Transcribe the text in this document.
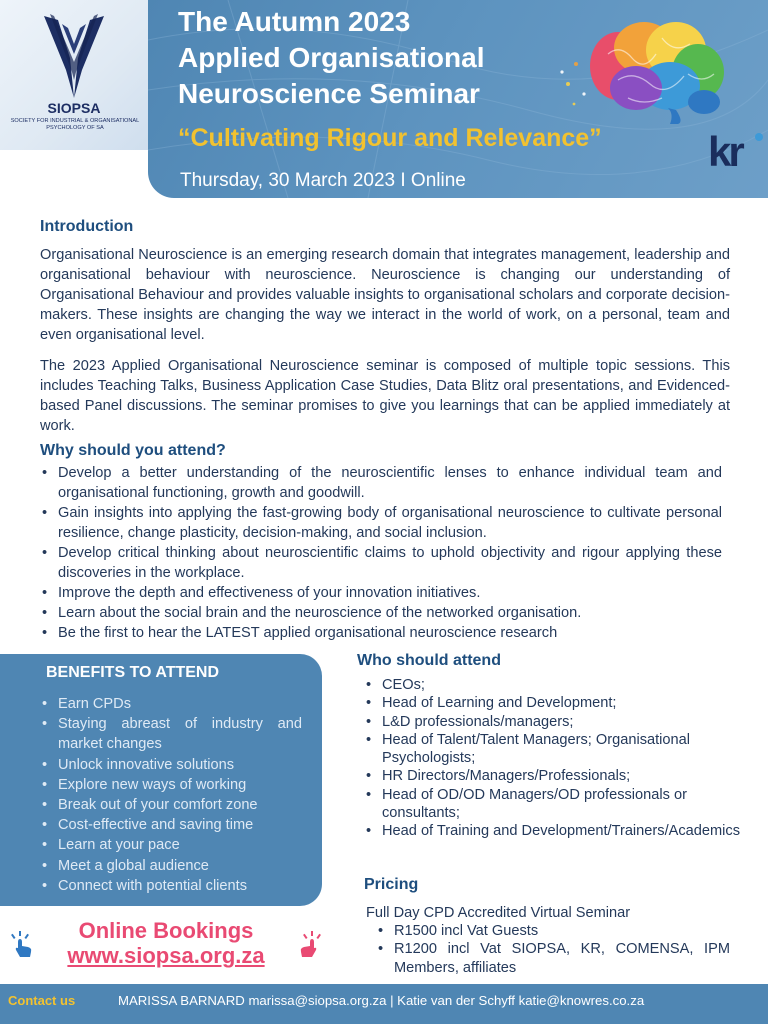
SIOPSA
SOCIETY FOR INDUSTRIAL & ORGANISATIONAL PSYCHOLOGY OF SA
The Autumn 2023
Applied Organisational
Neuroscience Seminar
“Cultivating Rigour and Relevance”	kr
Thursday, 30 March 2023 I Online
Introduction

Organisational Neuroscience is an emerging research domain that integrates management, leadership and organisational behaviour with neuroscience. Neuroscience is changing our understanding of Organisational Behaviour and provides valuable insights to organisational scholars and corporate decision-makers. These insights are changing the way we interact in the world of work, on a personal, team and even organisational level.

The 2023 Applied Organisational Neuroscience seminar is composed of multiple topic sessions. This includes Teaching Talks, Business Application Case Studies, Data Blitz oral presentations, and Evidenced-based Panel discussions. The seminar promises to give you learnings that can be applied immediately at work.

Why should you attend?
• Develop a better understanding of the neuroscientific lenses to enhance individual team and organisational functioning, growth and goodwill.
• Gain insights into applying the fast-growing body of organisational neuroscience to cultivate personal resilience, change plasticity, decision-making, and social inclusion.
• Develop critical thinking about neuroscientific claims to uphold objectivity and rigour applying these discoveries in the workplace.
• Improve the depth and effectiveness of your innovation initiatives.
• Learn about the social brain and the neuroscience of the networked organisation.
• Be the first to hear the LATEST applied organisational neuroscience research
BENEFITS TO ATTEND
• Earn CPDs
• Staying abreast of industry and market changes
• Unlock innovative solutions
• Explore new ways of working
• Break out of your comfort zone
• Cost-effective and saving time
• Learn at your pace
• Meet a global audience
• Connect with potential clients
Who should attend
• CEOs;
• Head of Learning and Development;
• L&D professionals/managers;
• Head of Talent/Talent Managers; Organisational Psychologists;
• HR Directors/Managers/Professionals;
• Head of OD/OD Managers/OD professionals or consultants;
• Head of Training and Development/Trainers/Academics
Pricing
Full Day CPD Accredited Virtual Seminar
• R1500 incl Vat Guests
• R1200 incl Vat SIOPSA, KR, COMENSA, IPM Members, affiliates
Online Bookings
www.siopsa.org.za
Contact us	MARISSA BARNARD marissa@siopsa.org.za | Katie van der Schyff katie@knowres.co.za
